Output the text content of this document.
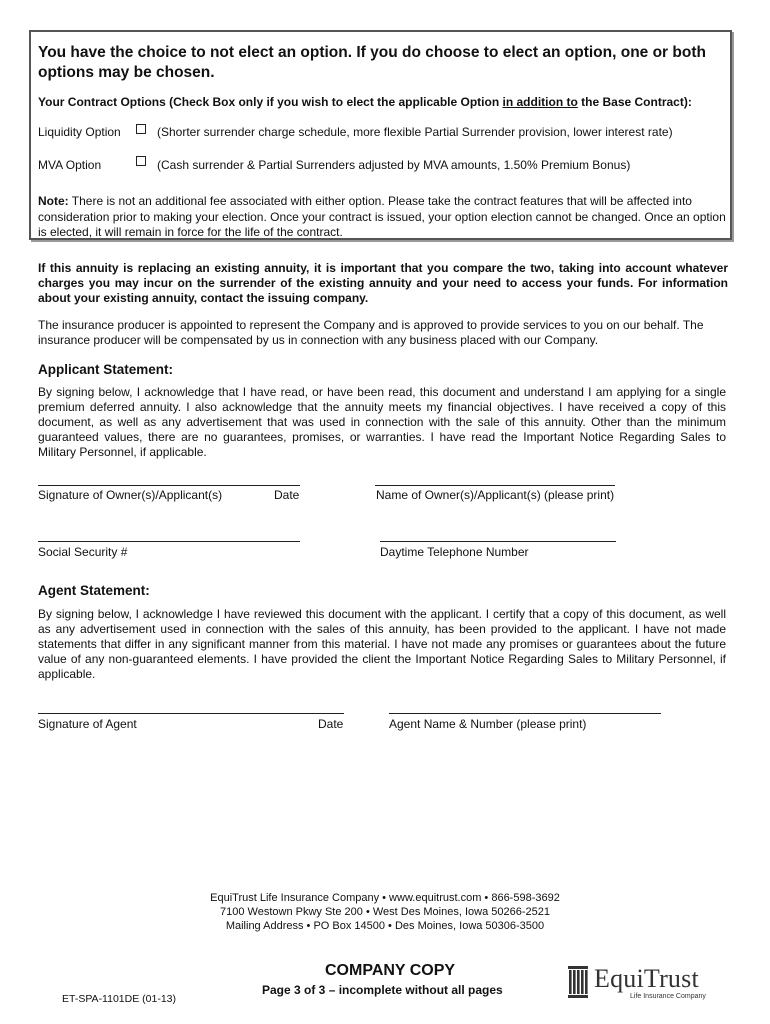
You have the choice to not elect an option. If you do choose to elect an option, one or both options may be chosen.
Your Contract Options (Check Box only if you wish to elect the applicable Option in addition to the Base Contract):
Liquidity Option	(Shorter surrender charge schedule, more flexible Partial Surrender provision, lower interest rate)
MVA Option	(Cash surrender & Partial Surrenders adjusted by MVA amounts, 1.50% Premium Bonus)
Note: There is not an additional fee associated with either option. Please take the contract features that will be affected into consideration prior to making your election. Once your contract is issued, your option election cannot be changed. Once an option is elected, it will remain in force for the life of the contract.
If this annuity is replacing an existing annuity, it is important that you compare the two, taking into account whatever charges you may incur on the surrender of the existing annuity and your need to access your funds. For information about your existing annuity, contact the issuing company.
The insurance producer is appointed to represent the Company and is approved to provide services to you on our behalf. The insurance producer will be compensated by us in connection with any business placed with our Company.
Applicant Statement:
By signing below, I acknowledge that I have read, or have been read, this document and understand I am applying for a single premium deferred annuity. I also acknowledge that the annuity meets my financial objectives. I have received a copy of this document, as well as any advertisement that was used in connection with the sale of this annuity. Other than the minimum guaranteed values, there are no guarantees, promises, or warranties. I have read the Important Notice Regarding Sales to Military Personnel, if applicable.
Signature of Owner(s)/Applicant(s)	Date	Name of Owner(s)/Applicant(s) (please print)
Social Security #	Daytime Telephone Number
Agent Statement:
By signing below, I acknowledge I have reviewed this document with the applicant. I certify that a copy of this document, as well as any advertisement used in connection with the sales of this annuity, has been provided to the applicant. I have not made statements that differ in any significant manner from this material. I have not made any promises or guarantees about the future value of any non-guaranteed elements. I have provided the client the Important Notice Regarding Sales to Military Personnel, if applicable.
Signature of Agent	Date	Agent Name & Number (please print)
EquiTrust Life Insurance Company • www.equitrust.com • 866-598-3692
7100 Westown Pkwy Ste 200 • West Des Moines, Iowa 50266-2521
Mailing Address • PO Box 14500 • Des Moines, Iowa 50306-3500
COMPANY COPY
Page 3 of 3 – incomplete without all pages
ET-SPA-1101DE (01-13)
EquiTrust
Life Insurance Company
